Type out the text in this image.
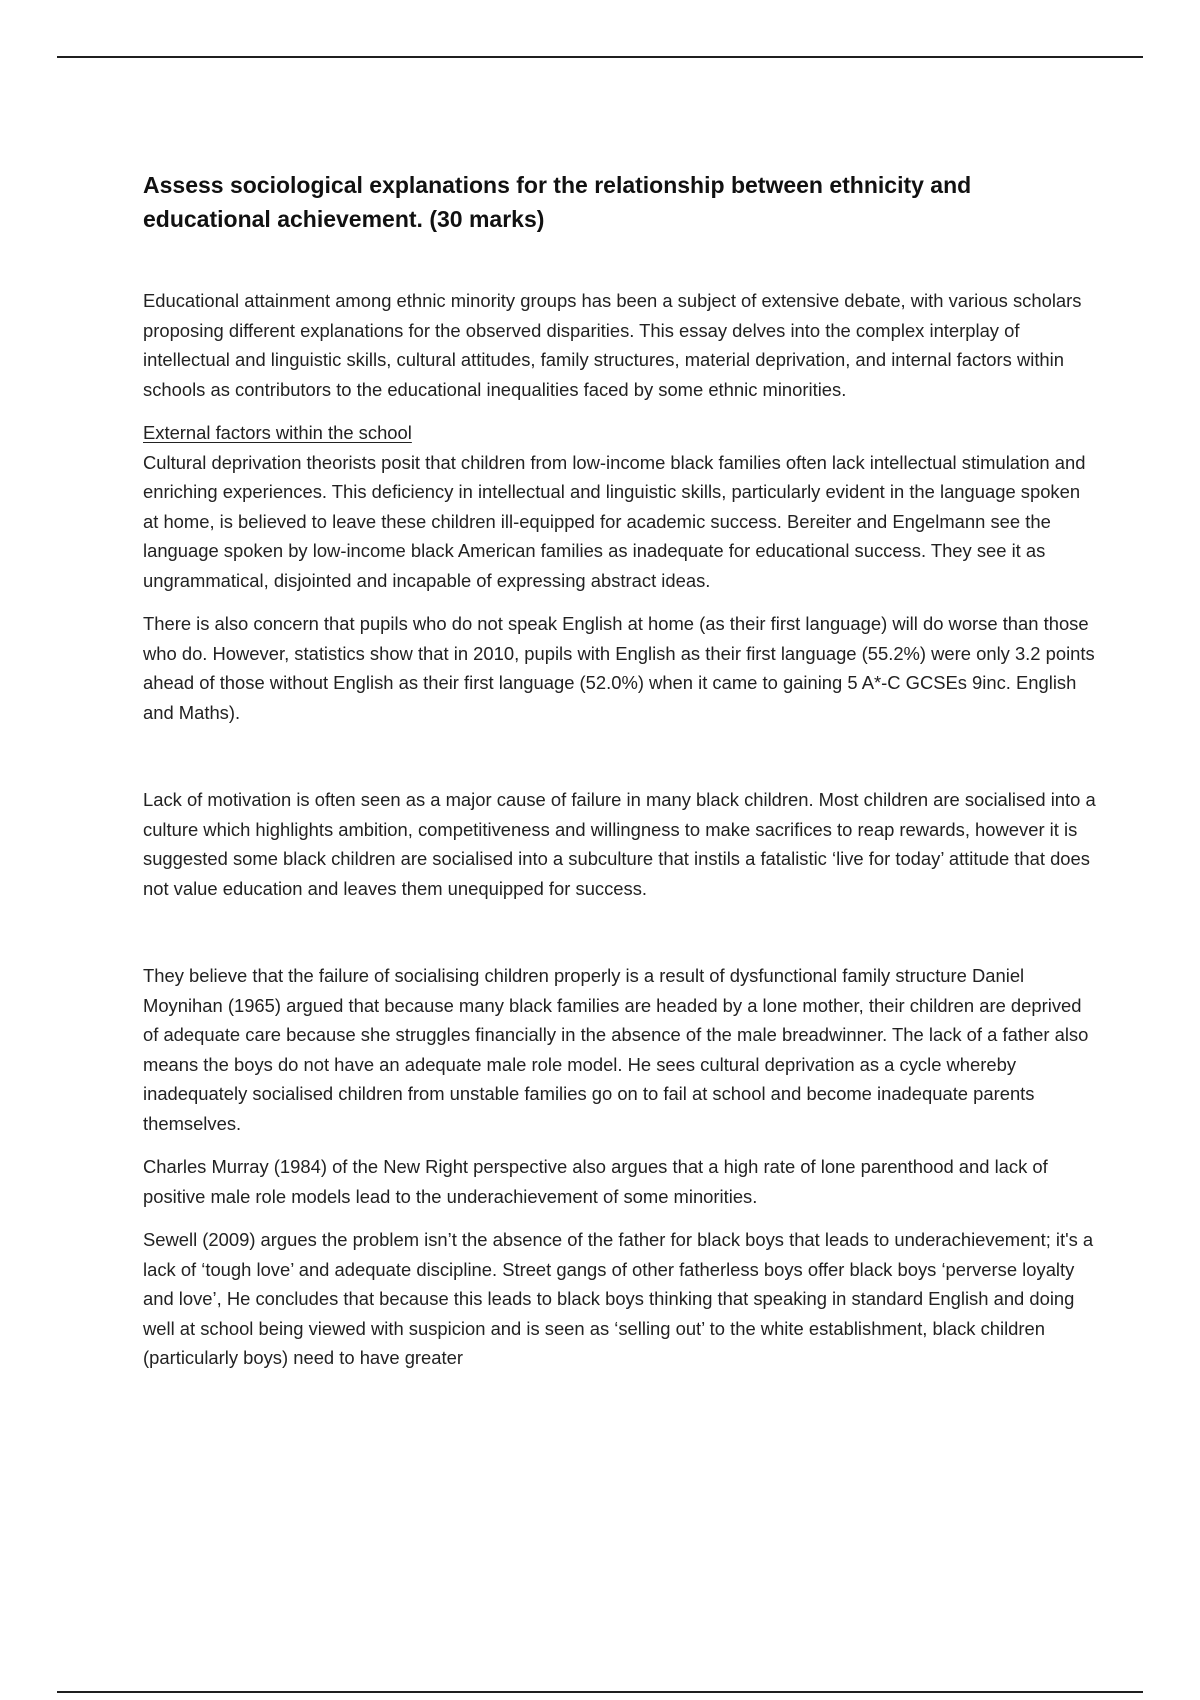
Assess sociological explanations for the relationship between ethnicity and educational achievement. (30 marks)

Educational attainment among ethnic minority groups has been a subject of extensive debate, with various scholars proposing different explanations for the observed disparities. This essay delves into the complex interplay of intellectual and linguistic skills, cultural attitudes, family structures, material deprivation, and internal factors within schools as contributors to the educational inequalities faced by some ethnic minorities.

External factors within the school

Cultural deprivation theorists posit that children from low-income black families often lack intellectual stimulation and enriching experiences. This deficiency in intellectual and linguistic skills, particularly evident in the language spoken at home, is believed to leave these children ill-equipped for academic success. Bereiter and Engelmann see the language spoken by low-income black American families as inadequate for educational success. They see it as ungrammatical, disjointed and incapable of expressing abstract ideas.

There is also concern that pupils who do not speak English at home (as their first language) will do worse than those who do. However, statistics show that in 2010, pupils with English as their first language (55.2%) were only 3.2 points ahead of those without English as their first language (52.0%) when it came to gaining 5 A*-C GCSEs 9inc. English and Maths).

Lack of motivation is often seen as a major cause of failure in many black children. Most children are socialised into a culture which highlights ambition, competitiveness and willingness to make sacrifices to reap rewards, however it is suggested some black children are socialised into a subculture that instils a fatalistic ‘live for today’ attitude that does not value education and leaves them unequipped for success.

They believe that the failure of socialising children properly is a result of dysfunctional family structure Daniel Moynihan (1965) argued that because many black families are headed by a lone mother, their children are deprived of adequate care because she struggles financially in the absence of the male breadwinner. The lack of a father also means the boys do not have an adequate male role model. He sees cultural deprivation as a cycle whereby inadequately socialised children from unstable families go on to fail at school and become inadequate parents themselves.

Charles Murray (1984) of the New Right perspective also argues that a high rate of lone parenthood and lack of positive male role models lead to the underachievement of some minorities.

Sewell (2009) argues the problem isn’t the absence of the father for black boys that leads to underachievement; it's a lack of ‘tough love’ and adequate discipline. Street gangs of other fatherless boys offer black boys ‘perverse loyalty and love’, He concludes that because this leads to black boys thinking that speaking in standard English and doing well at school being viewed with suspicion and is seen as ‘selling out’ to the white establishment, black children (particularly boys) need to have greater
